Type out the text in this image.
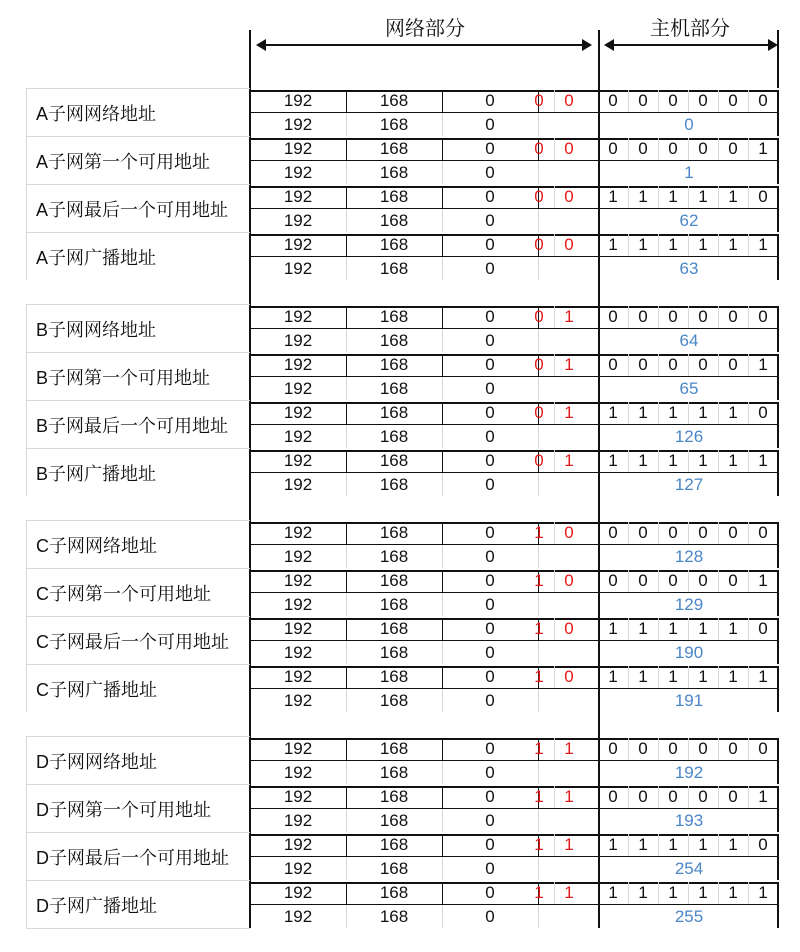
网络部分	主机部分
A子网网络地址
192	168	0	0	0	0	0	0	0	0	0
192	168	0	0
A子网第一个可用地址
192	168	0	0	0	0	0	0	0	0	1
192	168	0	1
A子网最后一个可用地址
192	168	0	0	0	1	1	1	1	1	0
192	168	0	62
A子网广播地址
192	168	0	0	0	1	1	1	1	1	1
192	168	0	63
B子网网络地址
192	168	0	0	1	0	0	0	0	0	0
192	168	0	64
B子网第一个可用地址
192	168	0	0	1	0	0	0	0	0	1
192	168	0	65
B子网最后一个可用地址
192	168	0	0	1	1	1	1	1	1	0
192	168	0	126
B子网广播地址
192	168	0	0	1	1	1	1	1	1	1
192	168	0	127
C子网网络地址
192	168	0	1	0	0	0	0	0	0	0
192	168	0	128
C子网第一个可用地址
192	168	0	1	0	0	0	0	0	0	1
192	168	0	129
C子网最后一个可用地址
192	168	0	1	0	1	1	1	1	1	0
192	168	0	190
C子网广播地址
192	168	0	1	0	1	1	1	1	1	1
192	168	0	191
D子网网络地址
192	168	0	1	1	0	0	0	0	0	0
192	168	0	192
D子网第一个可用地址
192	168	0	1	1	0	0	0	0	0	1
192	168	0	193
D子网最后一个可用地址
192	168	0	1	1	1	1	1	1	1	0
192	168	0	254
D子网广播地址
192	168	0	1	1	1	1	1	1	1	1
192	168	0	255
